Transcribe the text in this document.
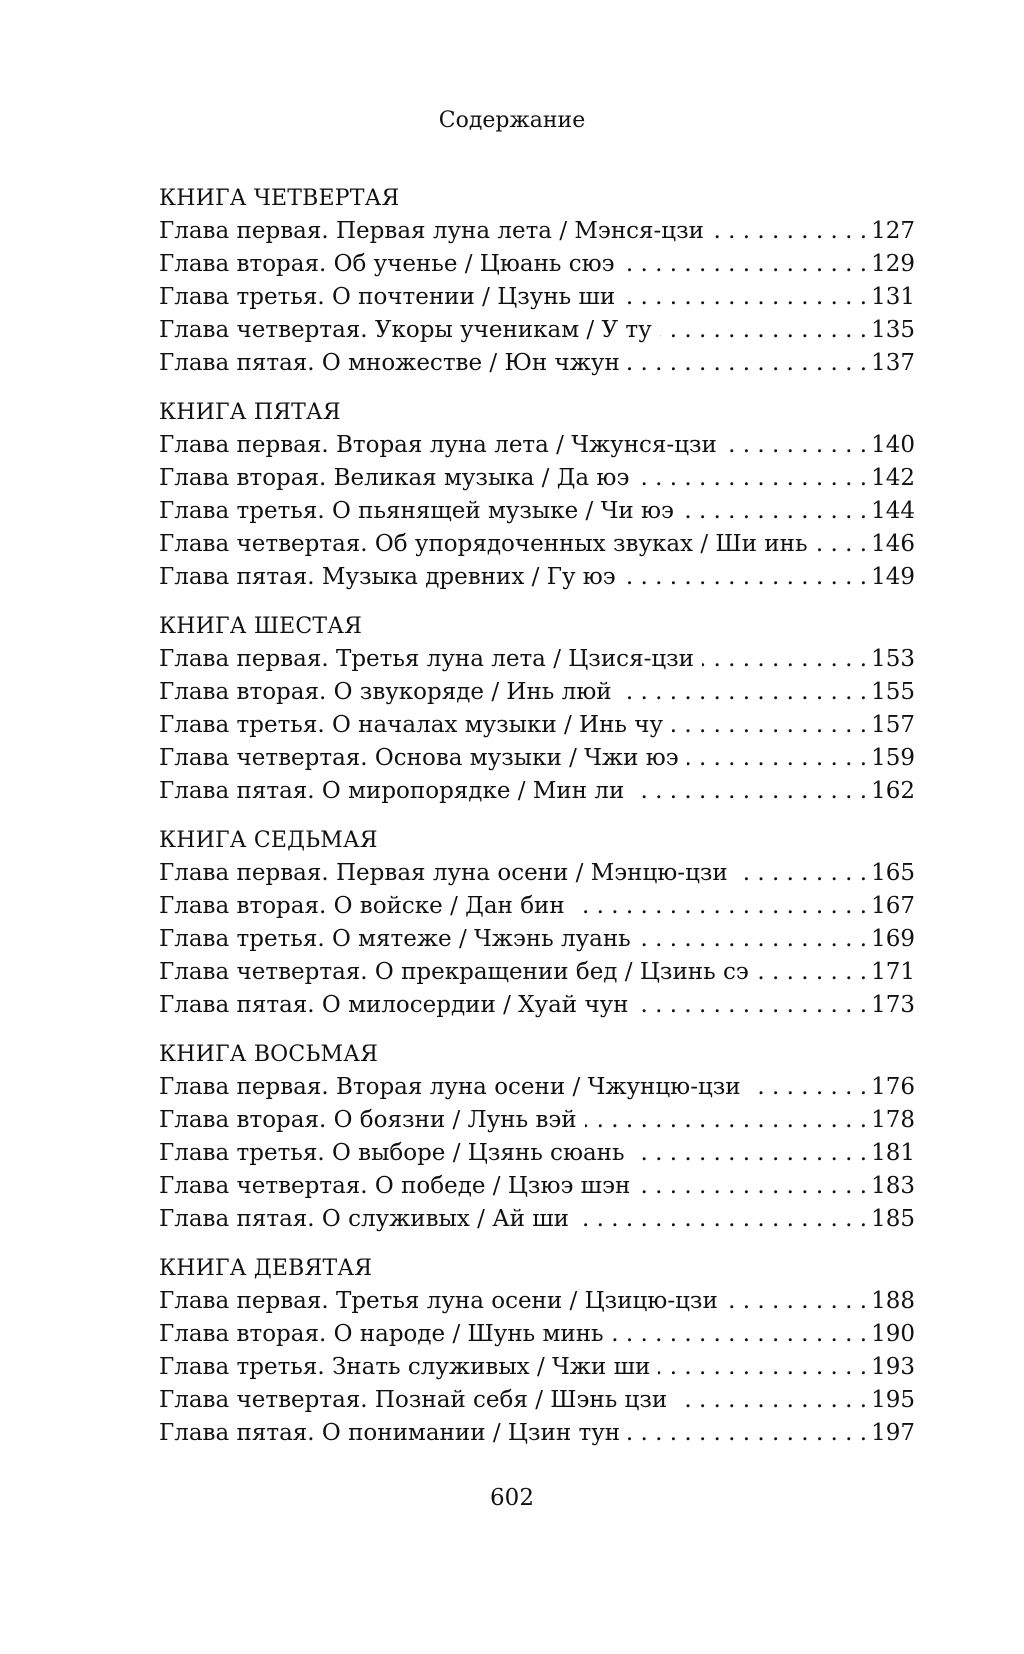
Содержание
КНИГА ЧЕТВЕРТАЯ
Глава первая. Первая луна лета / Мэнся-цзи . . .	127
Глава вторая. Об ученье / Цюань сюэ . . .	129
Глава третья. О почтении / Цзунь ши . . .	131
Глава четвертая. Укоры ученикам / У ту . . .	135
Глава пятая. О множестве / Юн чжун . . .	137
КНИГА ПЯТАЯ
Глава первая. Вторая луна лета / Чжунся-цзи . . .	140
Глава вторая. Великая музыка / Да юэ . . .	142
Глава третья. О пьянящей музыке / Чи юэ . . .	144
Глава четвертая. Об упорядоченных звуках / Ши инь . . .	146
Глава пятая. Музыка древних / Гу юэ . . .	149
КНИГА ШЕСТАЯ
Глава первая. Третья луна лета / Цзися-цзи . . .	153
Глава вторая. О звукоряде / Инь люй . . .	155
Глава третья. О началах музыки / Инь чу . . .	157
Глава четвертая. Основа музыки / Чжи юэ . . .	159
Глава пятая. О миропорядке / Мин ли . . .	162
КНИГА СЕДЬМАЯ
Глава первая. Первая луна осени / Мэнцю-цзи . . .	165
Глава вторая. О войске / Дан бин . . .	167
Глава третья. О мятеже / Чжэнь луань . . .	169
Глава четвертая. О прекращении бед / Цзинь сэ . . .	171
Глава пятая. О милосердии / Хуай чун . . .	173
КНИГА ВОСЬМАЯ
Глава первая. Вторая луна осени / Чжунцю-цзи . . .	176
Глава вторая. О боязни / Лунь вэй . . .	178
Глава третья. О выборе / Цзянь сюань . . .	181
Глава четвертая. О победе / Цзюэ шэн . . .	183
Глава пятая. О служивых / Ай ши . . .	185
КНИГА ДЕВЯТАЯ
Глава первая. Третья луна осени / Цзицю-цзи . . .	188
Глава вторая. О народе / Шунь минь . . .	190
Глава третья. Знать служивых / Чжи ши . . .	193
Глава четвертая. Познай себя / Шэнь цзи . . .	195
Глава пятая. О понимании / Цзин тун . . .	197
602
